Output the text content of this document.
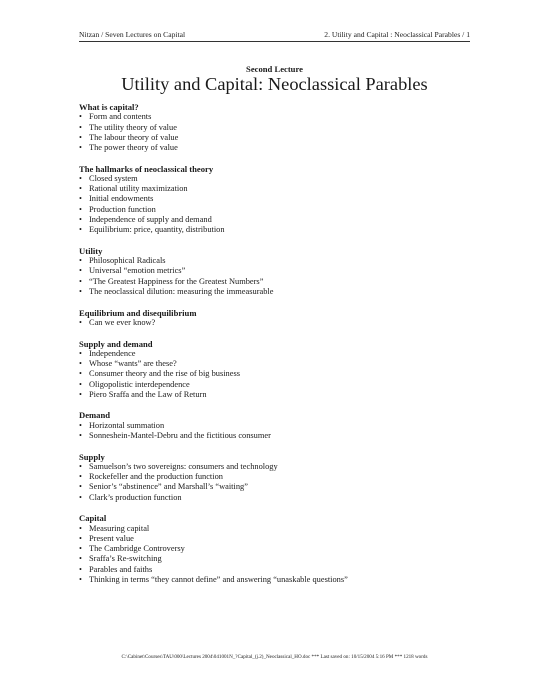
Nitzan / Seven Lectures on Capital	2. Utility and Capital : Neoclassical Parables / 1
Second Lecture
Utility and Capital: Neoclassical Parables
What is capital?
• Form and contents
• The utility theory of value
• The labour theory of value
• The power theory of value
The hallmarks of neoclassical theory
• Closed system
• Rational utility maximization
• Initial endowments
• Production function
• Independence of supply and demand
• Equilibrium: price, quantity, distribution
Utility
• Philosophical Radicals
• Universal “emotion metrics”
• “The Greatest Happiness for the Greatest Numbers”
• The neoclassical dilution: measuring the immeasurable
Equilibrium and disequilibrium
• Can we ever know?
Supply and demand
• Independence
• Whose “wants” are these?
• Consumer theory and the rise of big business
• Oligopolistic interdependence
• Piero Sraffa and the Law of Return
Demand
• Horizontal summation
• Sonneshein-Mantel-Debru and the fictitious consumer
Supply
• Samuelson’s two sovereigns: consumers and technology
• Rockefeller and the production function
• Senior’s “abstinence” and Marshall’s “waiting”
• Clark’s production function
Capital
• Measuring capital
• Present value
• The Cambridge Controversy
• Sraffa’s Re-switching
• Parables and faiths
• Thinking in terms “they cannot define” and answering “unaskable questions”
C:\Cabinet\Courses\TAU\000\Lectures 2004\041001N_?Capital_(j.2)_Neoclassical_HO.doc *** Last saved on: 10/15/2004 5:16 PM *** 1218 words
